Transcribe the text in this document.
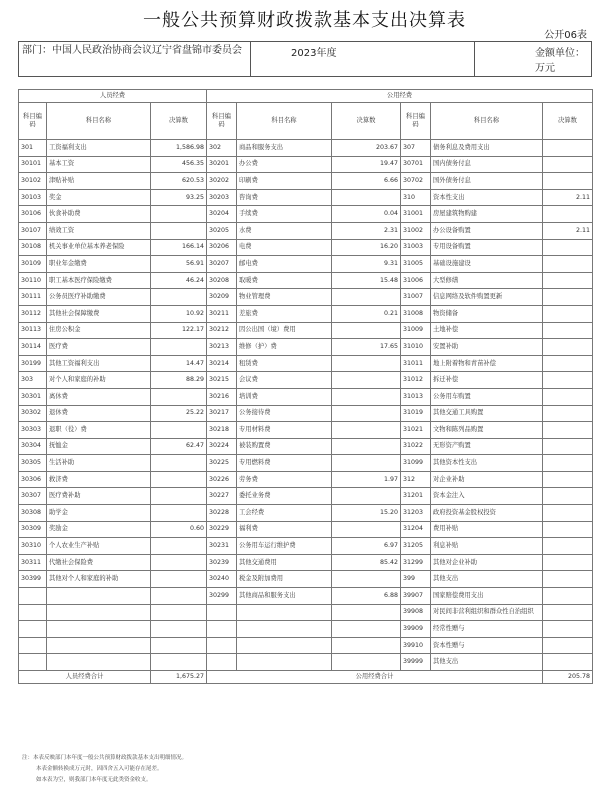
一般公共预算财政拨款基本支出决算表
公开06表
部门：中国人民政治协商会议辽宁省盘锦市委员会	2023年度	金额单位：万元
人员经费			公用经费					
科目编码	科目名称	决算数	科目编码	科目名称	决算数	科目编码	科目名称	决算数
301	工资福利支出	1,586.98	302	商品和服务支出	203.67	307	债务利息及费用支出	
30101	基本工资	456.35	30201	办公费	19.47	30701	国内债务付息	
30102	津贴补贴	620.53	30202	印刷费	6.66	30702	国外债务付息	
30103	奖金	93.25	30203	咨询费		310	资本性支出	2.11
30106	伙食补助费		30204	手续费	0.04	31001	房屋建筑物购建	
30107	绩效工资		30205	水费	2.31	31002	办公设备购置	2.11
30108	机关事业单位基本养老保险	166.14	30206	电费	16.20	31003	专用设备购置	
30109	职业年金缴费	56.91	30207	邮电费	9.31	31005	基础设施建设	
30110	职工基本医疗保险缴费	46.24	30208	取暖费	15.48	31006	大型修缮	
30111	公务员医疗补助缴费		30209	物业管理费		31007	信息网络及软件购置更新	
30112	其他社会保障缴费	10.92	30211	差旅费	0.21	31008	物资储备	
30113	住房公积金	122.17	30212	因公出国（境）费用		31009	土地补偿	
30114	医疗费		30213	维修（护）费	17.65	31010	安置补助	
30199	其他工资福利支出	14.47	30214	租赁费		31011	地上附着物和青苗补偿	
303	对个人和家庭的补助	88.29	30215	会议费		31012	拆迁补偿	
30301	离休费		30216	培训费		31013	公务用车购置	
30302	退休费	25.22	30217	公务接待费		31019	其他交通工具购置	
30303	退职（役）费		30218	专用材料费		31021	文物和陈列品购置	
30304	抚恤金	62.47	30224	被装购置费		31022	无形资产购置	
30305	生活补助		30225	专用燃料费		31099	其他资本性支出	
30306	救济费		30226	劳务费	1.97	312	对企业补助	
30307	医疗费补助		30227	委托业务费		31201	资本金注入	
30308	助学金		30228	工会经费	15.20	31203	政府投资基金股权投资	
30309	奖励金	0.60	30229	福利费		31204	费用补贴	
30310	个人农业生产补贴		30231	公务用车运行维护费	6.97	31205	利息补贴	
30311	代缴社会保险费		30239	其他交通费用	85.42	31299	其他对企业补助	
30399	其他对个人和家庭的补助		30240	税金及附加费用		399	其他支出	
			30299	其他商品和服务支出	6.88	39907	国家赔偿费用支出	
						39908	对民间非营利组织和群众性自治组织	
						39909	经常性赠与	
						39910	资本性赠与	
						39999	其他支出	
人员经费合计		1,675.27	公用经费合计					205.78
注：本表反映部门本年度一般公共预算财政拨款基本支出明细情况。
本表金额转换成万元时，因四舍五入可能存在尾差。
如本表为空，则我部门本年度无此类资金收支。
